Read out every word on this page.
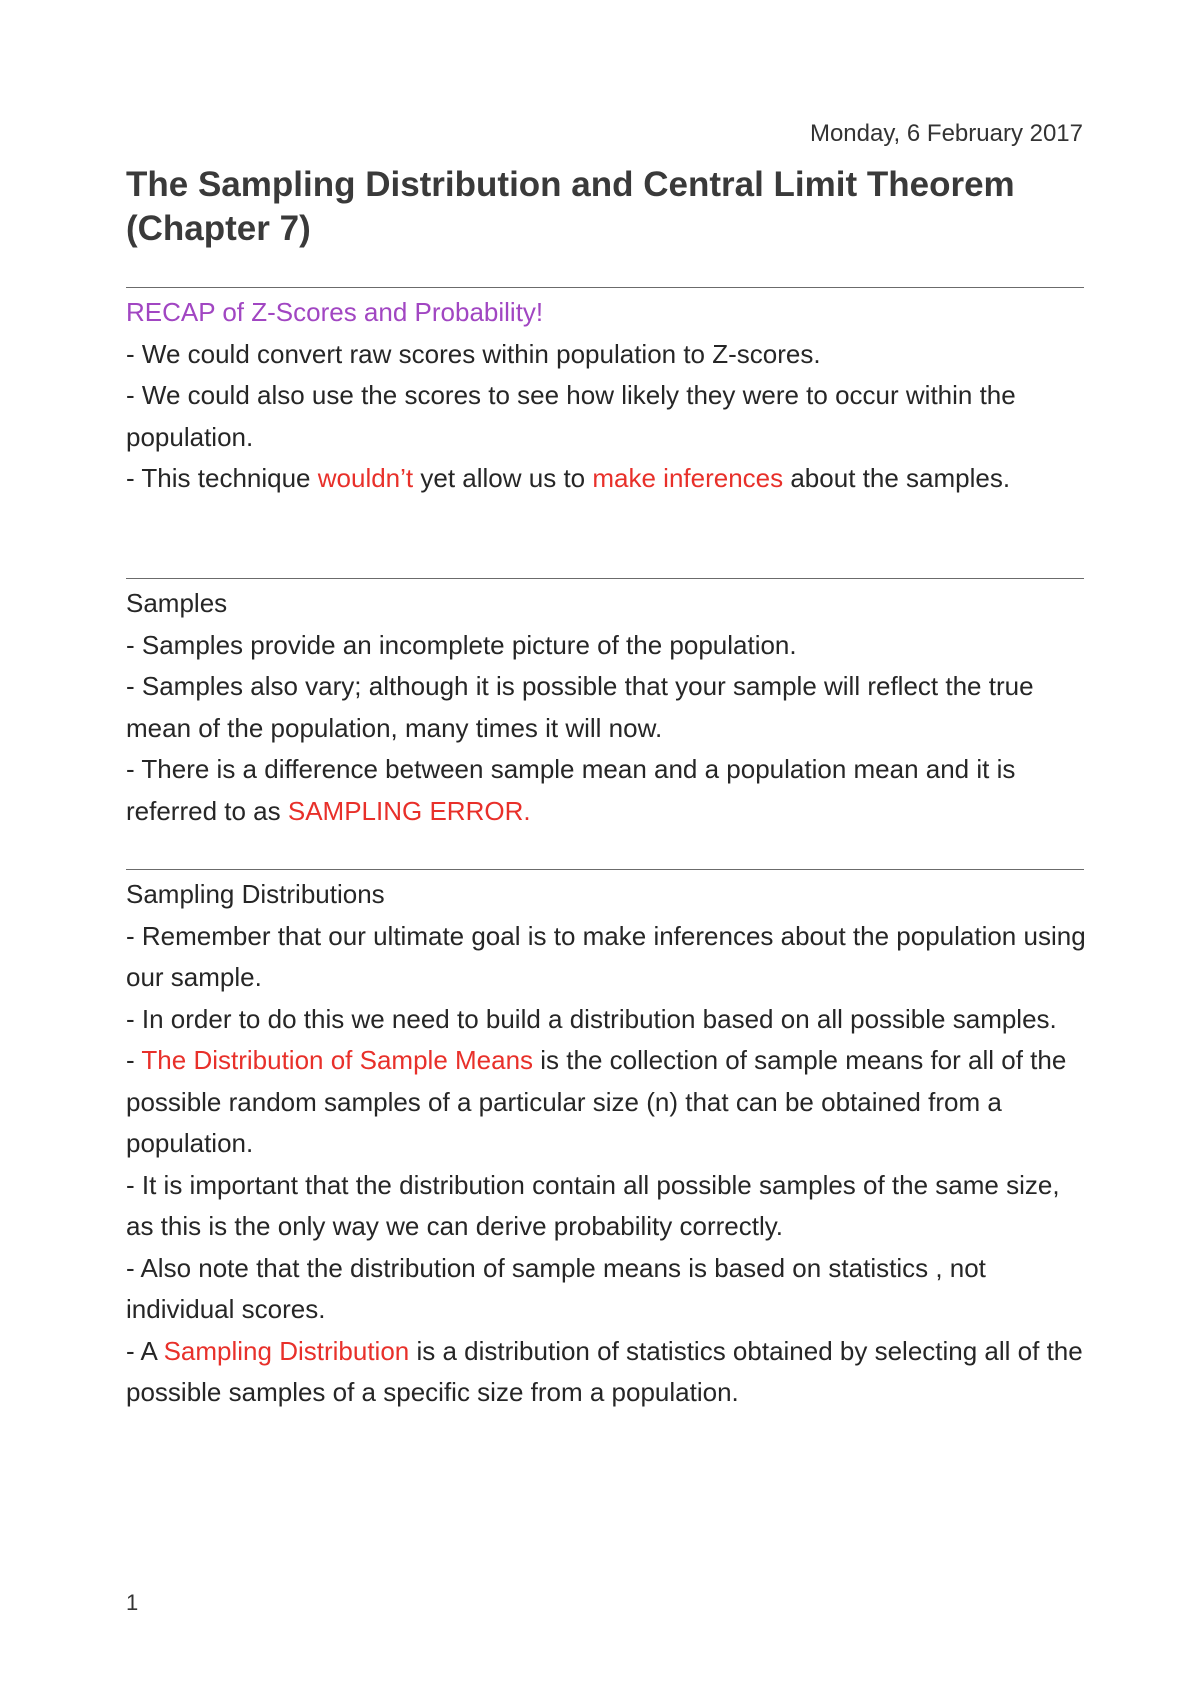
Monday, 6 February 2017
The Sampling Distribution and Central Limit Theorem (Chapter 7)

RECAP of Z-Scores and Probability!

- We could convert raw scores within population to Z-scores.

- We could also use the scores to see how likely they were to occur within the population.

- This technique wouldn’t yet allow us to make inferences about the samples.

Samples

- Samples provide an incomplete picture of the population.

- Samples also vary; although it is possible that your sample will reflect the true mean of the population, many times it will now.

- There is a difference between sample mean and a population mean and it is referred to as SAMPLING ERROR.

Sampling Distributions

- Remember that our ultimate goal is to make inferences about the population using our sample.

- In order to do this we need to build a distribution based on all possible samples.

- The Distribution of Sample Means is the collection of sample means for all of the possible random samples of a particular size (n) that can be obtained from a population.

- It is important that the distribution contain all possible samples of the same size, as this is the only way we can derive probability correctly.

- Also note that the distribution of sample means is based on statistics , not individual scores.

- A Sampling Distribution is a distribution of statistics obtained by selecting all of the possible samples of a specific size from a population.

1
